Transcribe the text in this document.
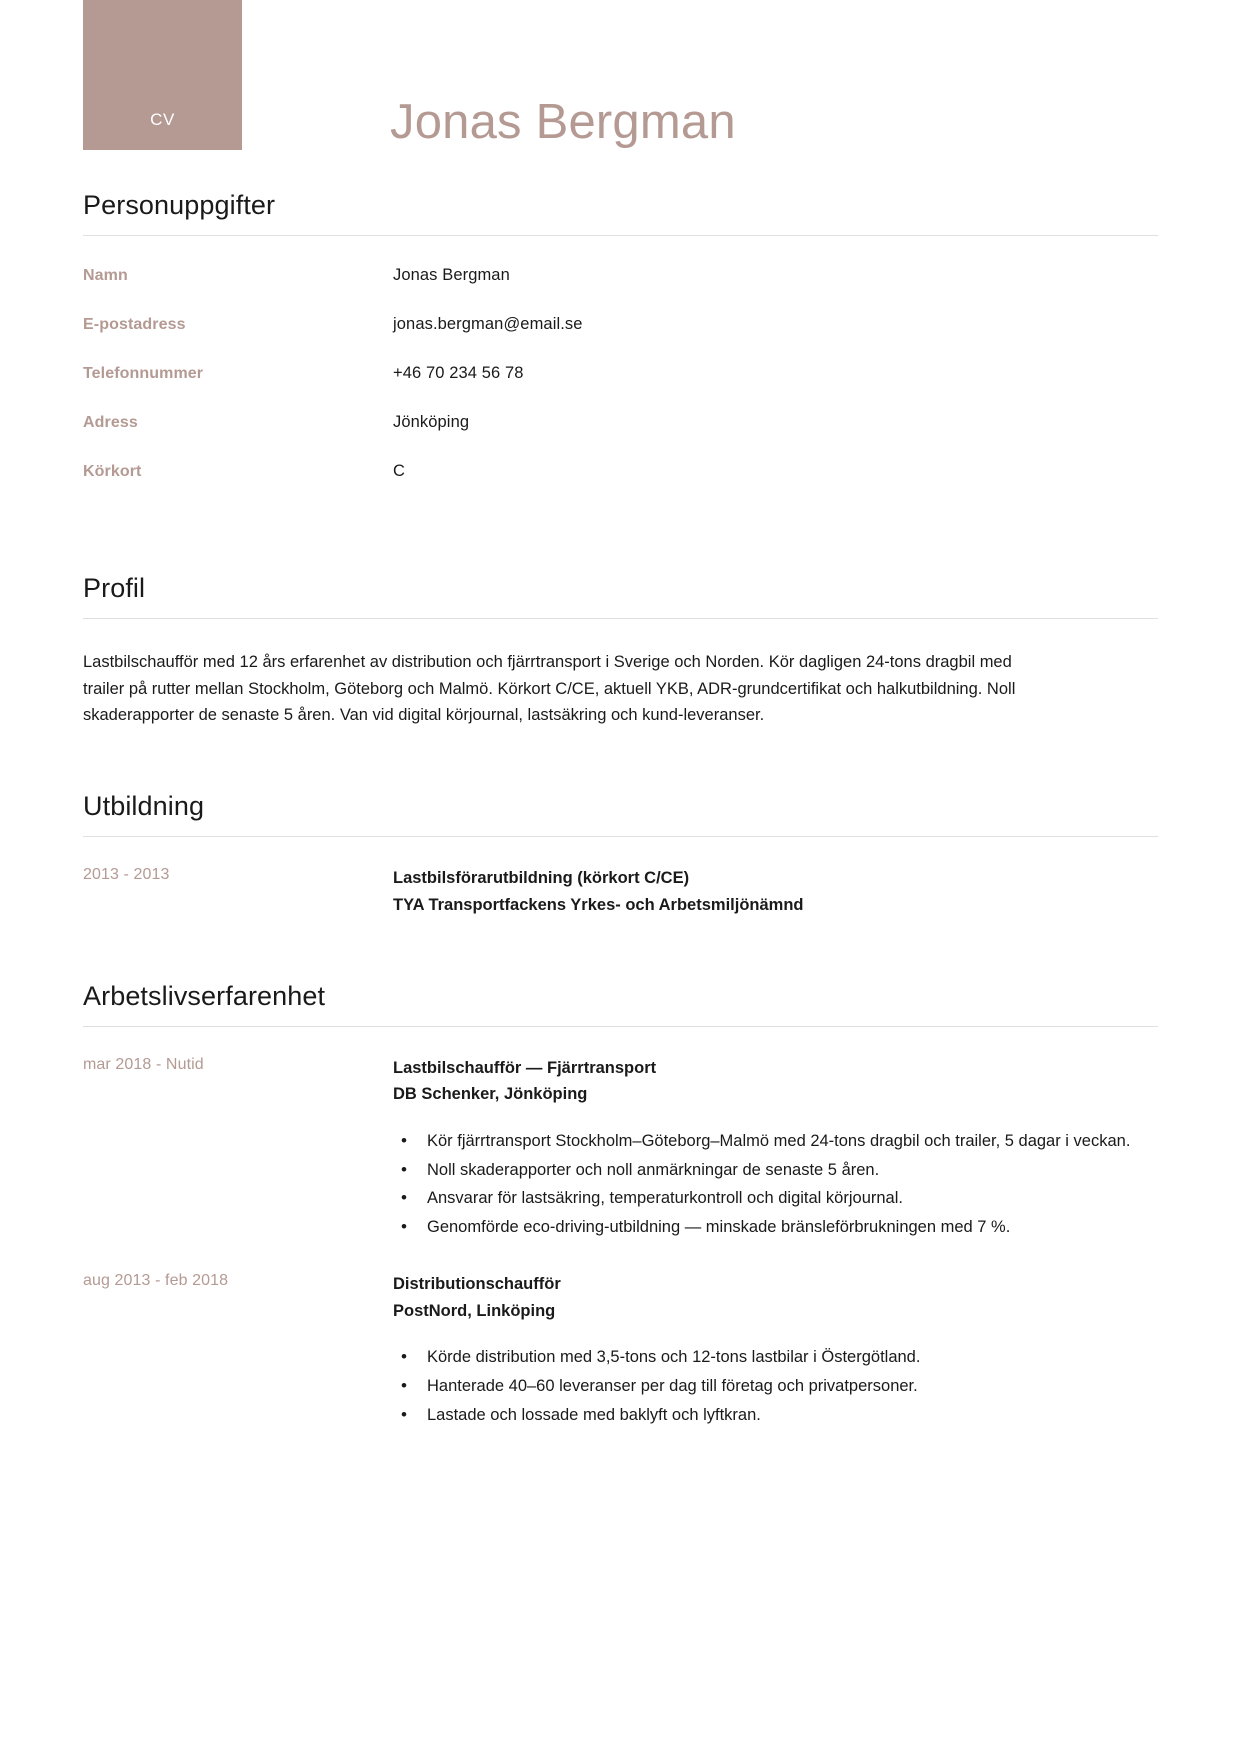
CV	Jonas Bergman
Personuppgifter
Namn	Jonas Bergman
E-postadress	jonas.bergman@email.se
Telefonnummer	+46 70 234 56 78
Adress	Jönköping
Körkort	C
Profil
Lastbilschaufför med 12 års erfarenhet av distribution och fjärrtransport i Sverige och Norden. Kör dagligen 24-tons dragbil med trailer på rutter mellan Stockholm, Göteborg och Malmö. Körkort C/CE, aktuell YKB, ADR-grundcertifikat och halkutbildning. Noll skaderapporter de senaste 5 åren. Van vid digital körjournal, lastsäkring och kund-leveranser.
Utbildning
2013 - 2013	Lastbilsförarutbildning (körkort C/CE)
TYA Transportfackens Yrkes- och Arbetsmiljönämnd
Arbetslivserfarenhet
mar 2018 - Nutid	Lastbilschaufför — Fjärrtransport
DB Schenker, Jönköping
• Kör fjärrtransport Stockholm–Göteborg–Malmö med 24-tons dragbil och trailer, 5 dagar i veckan.
• Noll skaderapporter och noll anmärkningar de senaste 5 åren.
• Ansvarar för lastsäkring, temperaturkontroll och digital körjournal.
• Genomförde eco-driving-utbildning — minskade bränsleförbrukningen med 7 %.
aug 2013 - feb 2018	Distributionschaufför
PostNord, Linköping
• Körde distribution med 3,5-tons och 12-tons lastbilar i Östergötland.
• Hanterade 40–60 leveranser per dag till företag och privatpersoner.
• Lastade och lossade med baklyft och lyftkran.
